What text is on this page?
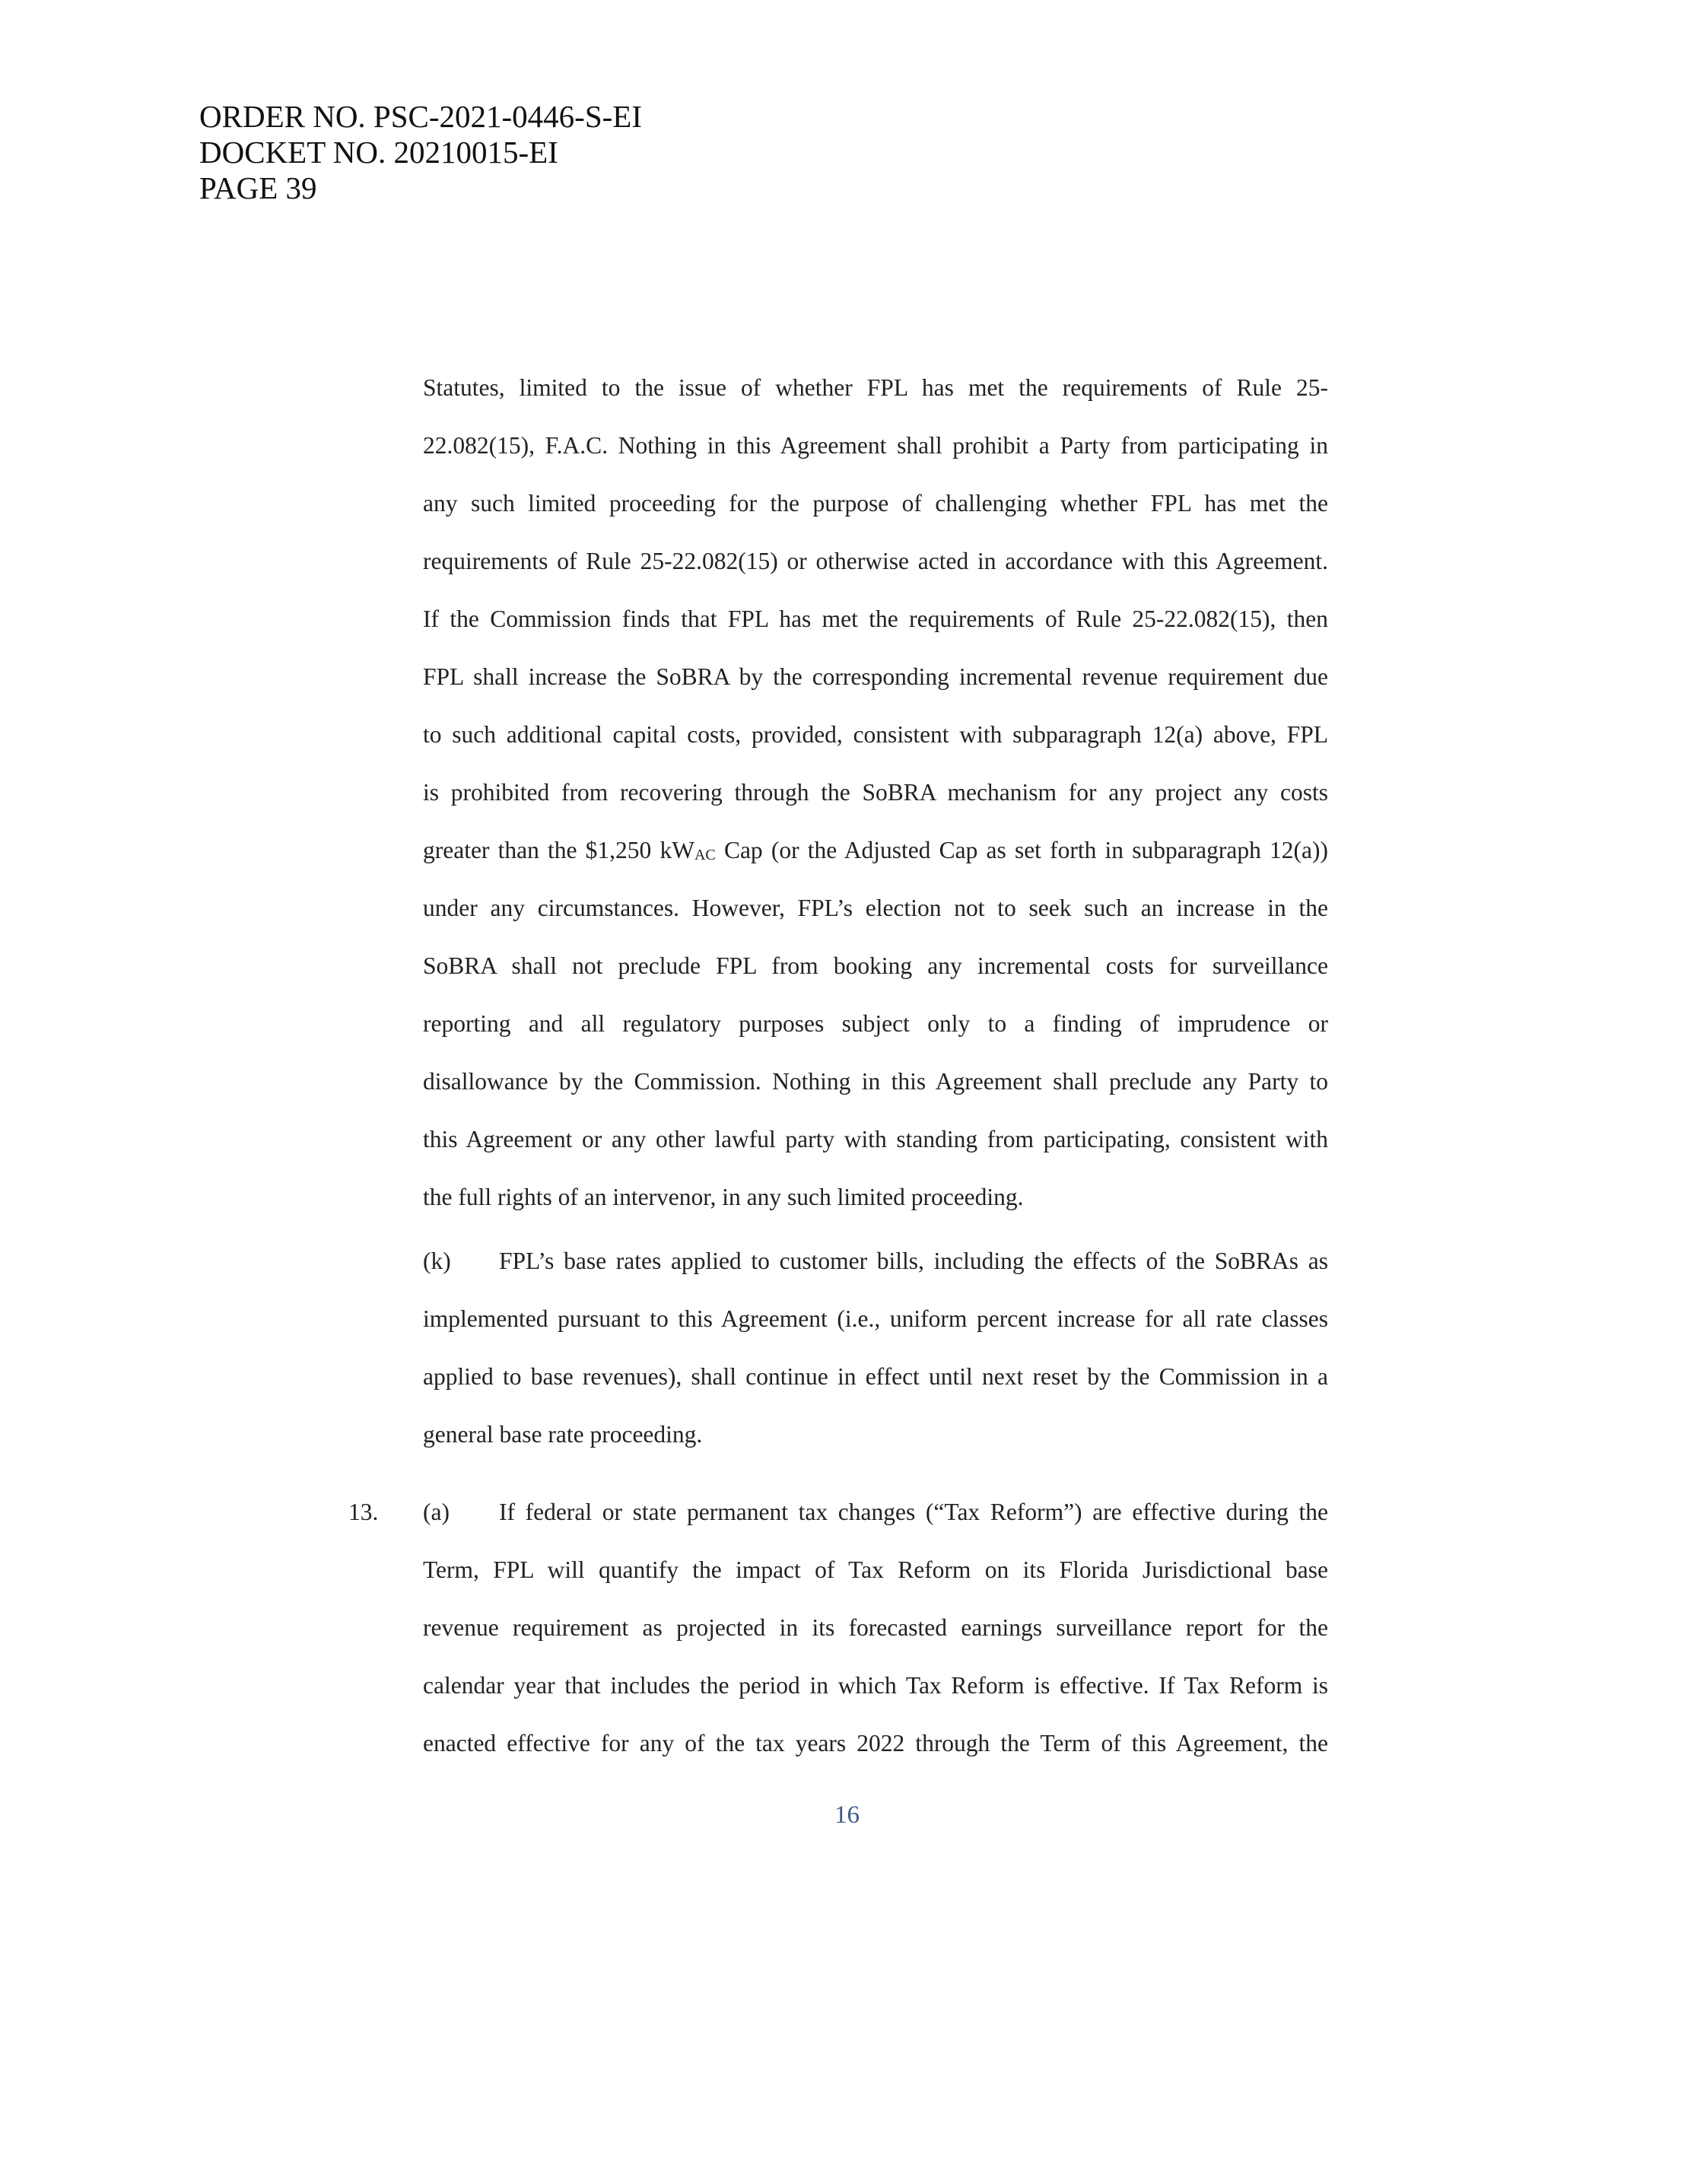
ORDER NO. PSC-2021-0446-S-EI
DOCKET NO. 20210015-EI
PAGE 39
Statutes, limited to the issue of whether FPL has met the requirements of Rule 25-
22.082(15), F.A.C. Nothing in this Agreement shall prohibit a Party from participating in
any such limited proceeding for the purpose of challenging whether FPL has met the
requirements of Rule 25-22.082(15) or otherwise acted in accordance with this Agreement.
If the Commission finds that FPL has met the requirements of Rule 25-22.082(15), then
FPL shall increase the SoBRA by the corresponding incremental revenue requirement due
to such additional capital costs, provided, consistent with subparagraph 12(a) above, FPL
is prohibited from recovering through the SoBRA mechanism for any project any costs
greater than the $1,250 kWAC Cap (or the Adjusted Cap as set forth in subparagraph 12(a))
under any circumstances. However, FPL’s election not to seek such an increase in the
SoBRA shall not preclude FPL from booking any incremental costs for surveillance
reporting and all regulatory purposes subject only to a finding of imprudence or
disallowance by the Commission. Nothing in this Agreement shall preclude any Party to
this Agreement or any other lawful party with standing from participating, consistent with
the full rights of an intervenor, in any such limited proceeding.
(k) FPL’s base rates applied to customer bills, including the effects of the SoBRAs as
implemented pursuant to this Agreement (i.e., uniform percent increase for all rate classes
applied to base revenues), shall continue in effect until next reset by the Commission in a
general base rate proceeding.
13. (a) If federal or state permanent tax changes (“Tax Reform”) are effective during the
Term, FPL will quantify the impact of Tax Reform on its Florida Jurisdictional base
revenue requirement as projected in its forecasted earnings surveillance report for the
calendar year that includes the period in which Tax Reform is effective. If Tax Reform is
enacted effective for any of the tax years 2022 through the Term of this Agreement, the
16
